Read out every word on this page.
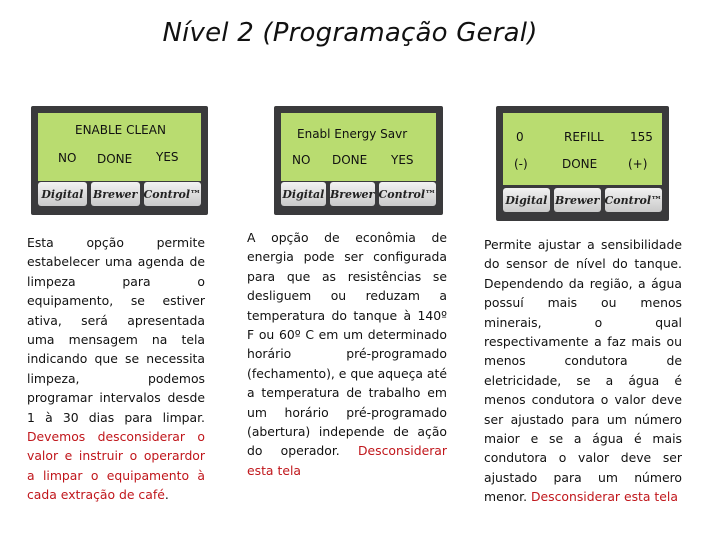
Nível 2 (Programação Geral)
ENABLE CLEAN
NO DONE YES
Digital Brewer Control™
Enabl Energy Savr
NO DONE YES
Digital Brewer Control™
0	REFILL 155
(-)	DONE	(+)
Digital Brewer Control™
Esta opção permite estabelecer uma agenda de limpeza para o equipamento, se estiver ativa, será apresentada uma mensagem na tela indicando que se necessita limpeza, podemos programar intervalos desde 1 à 30 dias para limpar. Devemos desconsiderar o valor e instruir o operardor a limpar o equipamento à cada extração de café.
A opção de econômia de energia pode ser configurada para que as resistências se desliguem ou reduzam a temperatura do tanque à 140º F ou 60º C em um determinado horário pré-programado (fechamento), e que aqueça até a temperatura de trabalho em um horário pré-programado (abertura) independe de ação do operador. Desconsiderar esta tela
Permite ajustar a sensibilidade do sensor de nível do tanque. Dependendo da região, a água possuí mais ou menos minerais, o qual respectivamente a faz mais ou menos condutora de eletricidade, se a água é menos condutora o valor deve ser ajustado para um número maior e se a água é mais condutora o valor deve ser ajustado para um número menor. Desconsiderar esta tela
